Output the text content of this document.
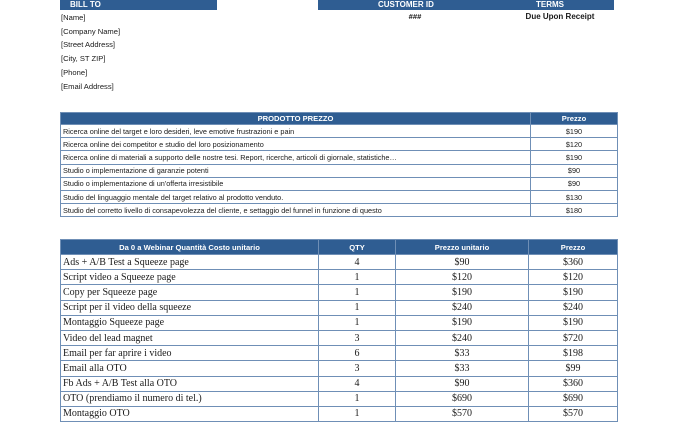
BILL TO	CUSTOMER ID	TERMS
[Name]
[Company Name]
[Street Address]
[City, ST ZIP]
[Phone]
[Email Address]
###	Due Upon Receipt
PRODOTTO PREZZO	Prezzo
Ricerca online del target e loro desideri, leve emotive frustrazioni e pain	$190
Ricerca online dei competitor e studio del loro posizionamento	$120
Ricerca online di materiali a supporto delle nostre tesi. Report, ricerche, articoli di giornale, statistiche…	$190
Studio o implementazione di garanzie potenti	$90
Studio o implementazione di un'offerta irresistibile	$90
Studio del linguaggio mentale del target relativo al prodotto venduto.	$130
Studio del corretto livello di consapevolezza del cliente, e settaggio del funnel in funzione di questo	$180
Da 0 a Webinar Quantità Costo unitario	QTY	Prezzo unitario	Prezzo
Ads + A/B Test a Squeeze page	4	$90	$360
Script video a Squeeze page	1	$120	$120
Copy per Squeeze page	1	$190	$190
Script per il video della squeeze	1	$240	$240
Montaggio Squeeze page	1	$190	$190
Video del lead magnet	3	$240	$720
Email per far aprire i video	6	$33	$198
Email alla OTO	3	$33	$99
Fb Ads + A/B Test alla OTO	4	$90	$360
OTO (prendiamo il numero di tel.)	1	$690	$690
Montaggio OTO	1	$570	$570
